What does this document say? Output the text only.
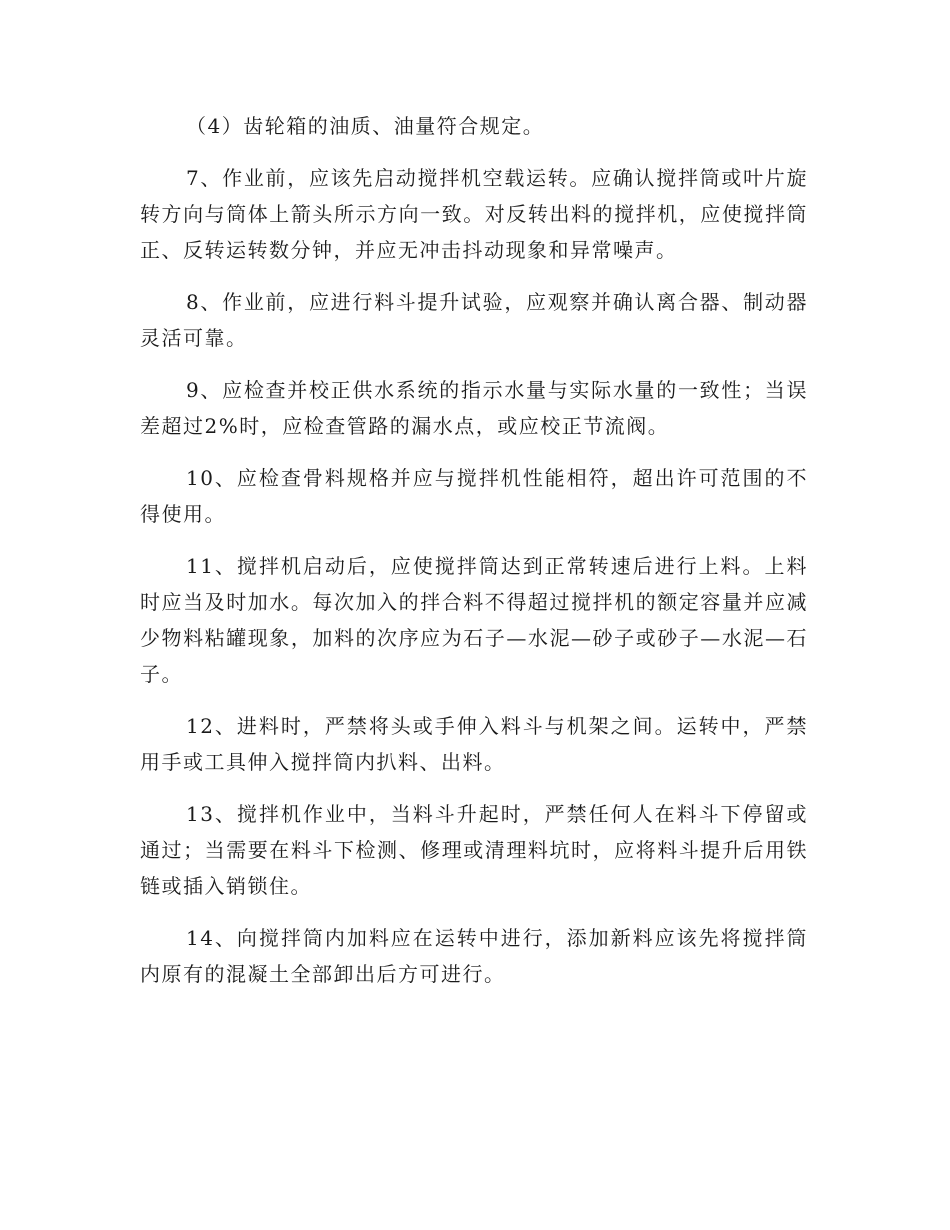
（4）齿轮箱的油质、油量符合规定。

7、作业前，应该先启动搅拌机空载运转。应确认搅拌筒或叶片旋转方向与筒体上箭头所示方向一致。对反转出料的搅拌机，应使搅拌筒正、反转运转数分钟，并应无冲击抖动现象和异常噪声。

8、作业前，应进行料斗提升试验，应观察并确认离合器、制动器灵活可靠。

9、应检查并校正供水系统的指示水量与实际水量的一致性；当误差超过2%时，应检查管路的漏水点，或应校正节流阀。

10、应检查骨料规格并应与搅拌机性能相符，超出许可范围的不得使用。

11、搅拌机启动后，应使搅拌筒达到正常转速后进行上料。上料时应当及时加水。每次加入的拌合料不得超过搅拌机的额定容量并应减少物料粘罐现象，加料的次序应为石子—水泥—砂子或砂子—水泥—石子。

12、进料时，严禁将头或手伸入料斗与机架之间。运转中，严禁用手或工具伸入搅拌筒内扒料、出料。

13、搅拌机作业中，当料斗升起时，严禁任何人在料斗下停留或通过；当需要在料斗下检测、修理或清理料坑时，应将料斗提升后用铁链或插入销锁住。

14、向搅拌筒内加料应在运转中进行，添加新料应该先将搅拌筒内原有的混凝土全部卸出后方可进行。
